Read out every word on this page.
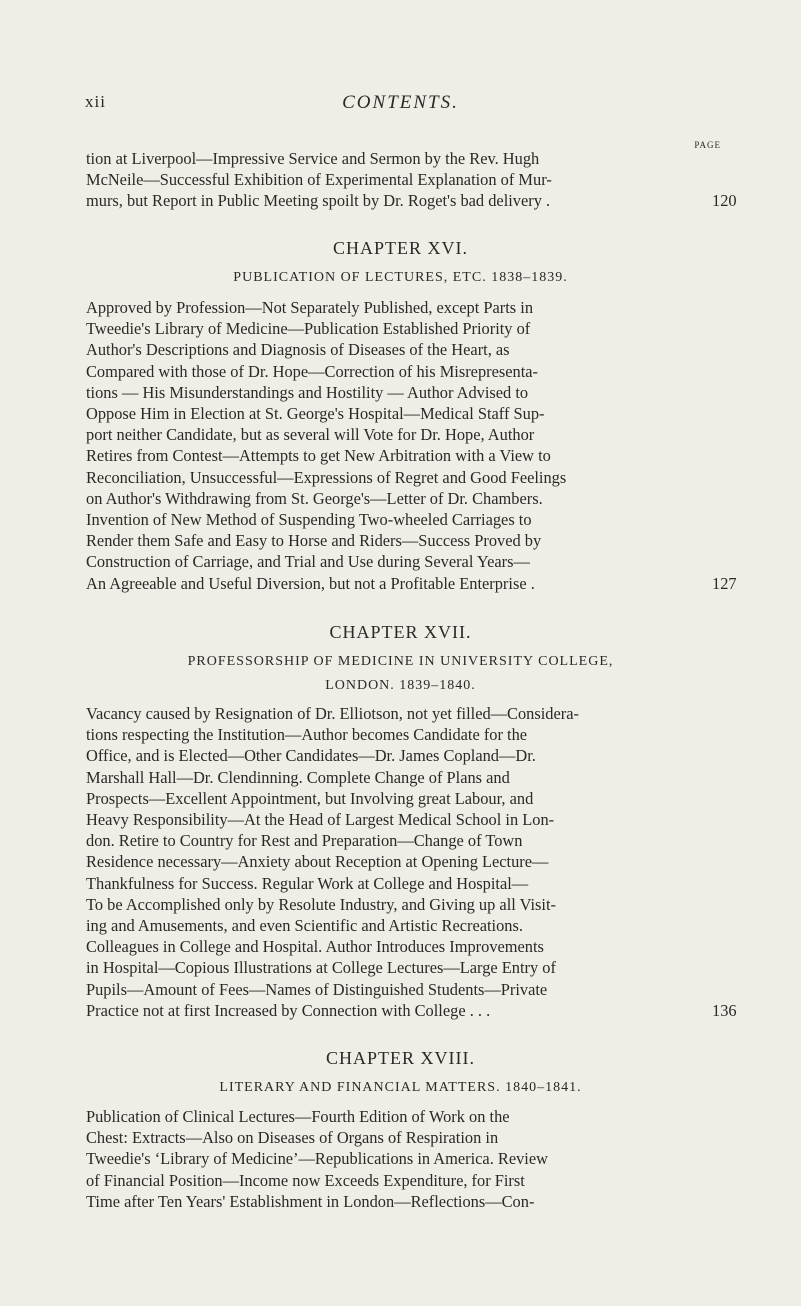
xii	CONTENTS.
PAGE
tion at Liverpool—Impressive Service and Sermon by the Rev. Hugh
McNeile—Successful Exhibition of Experimental Explanation of Mur-
murs, but Report in Public Meeting spoilt by Dr. Roget's bad delivery .	120
CHAPTER XVI.
PUBLICATION OF LECTURES, ETC. 1838–1839.
Approved by Profession—Not Separately Published, except Parts in
Tweedie's Library of Medicine—Publication Established Priority of
Author's Descriptions and Diagnosis of Diseases of the Heart, as
Compared with those of Dr. Hope—Correction of his Misrepresenta-
tions — His Misunderstandings and Hostility — Author Advised to
Oppose Him in Election at St. George's Hospital—Medical Staff Sup-
port neither Candidate, but as several will Vote for Dr. Hope, Author
Retires from Contest—Attempts to get New Arbitration with a View to
Reconciliation, Unsuccessful—Expressions of Regret and Good Feelings
on Author's Withdrawing from St. George's—Letter of Dr. Chambers.
Invention of New Method of Suspending Two-wheeled Carriages to
Render them Safe and Easy to Horse and Riders—Success Proved by
Construction of Carriage, and Trial and Use during Several Years—
An Agreeable and Useful Diversion, but not a Profitable Enterprise .	127
CHAPTER XVII.
PROFESSORSHIP OF MEDICINE IN UNIVERSITY COLLEGE,
LONDON. 1839–1840.
Vacancy caused by Resignation of Dr. Elliotson, not yet filled—Considera-
tions respecting the Institution—Author becomes Candidate for the
Office, and is Elected—Other Candidates—Dr. James Copland—Dr.
Marshall Hall—Dr. Clendinning. Complete Change of Plans and
Prospects—Excellent Appointment, but Involving great Labour, and
Heavy Responsibility—At the Head of Largest Medical School in Lon-
don. Retire to Country for Rest and Preparation—Change of Town
Residence necessary—Anxiety about Reception at Opening Lecture—
Thankfulness for Success. Regular Work at College and Hospital—
To be Accomplished only by Resolute Industry, and Giving up all Visit-
ing and Amusements, and even Scientific and Artistic Recreations.
Colleagues in College and Hospital. Author Introduces Improvements
in Hospital—Copious Illustrations at College Lectures—Large Entry of
Pupils—Amount of Fees—Names of Distinguished Students—Private
Practice not at first Increased by Connection with College . . .	136
CHAPTER XVIII.
LITERARY AND FINANCIAL MATTERS. 1840–1841.
Publication of Clinical Lectures—Fourth Edition of Work on the
Chest: Extracts—Also on Diseases of Organs of Respiration in
Tweedie's ‘Library of Medicine’—Republications in America. Review
of Financial Position—Income now Exceeds Expenditure, for First
Time after Ten Years' Establishment in London—Reflections—Con-
